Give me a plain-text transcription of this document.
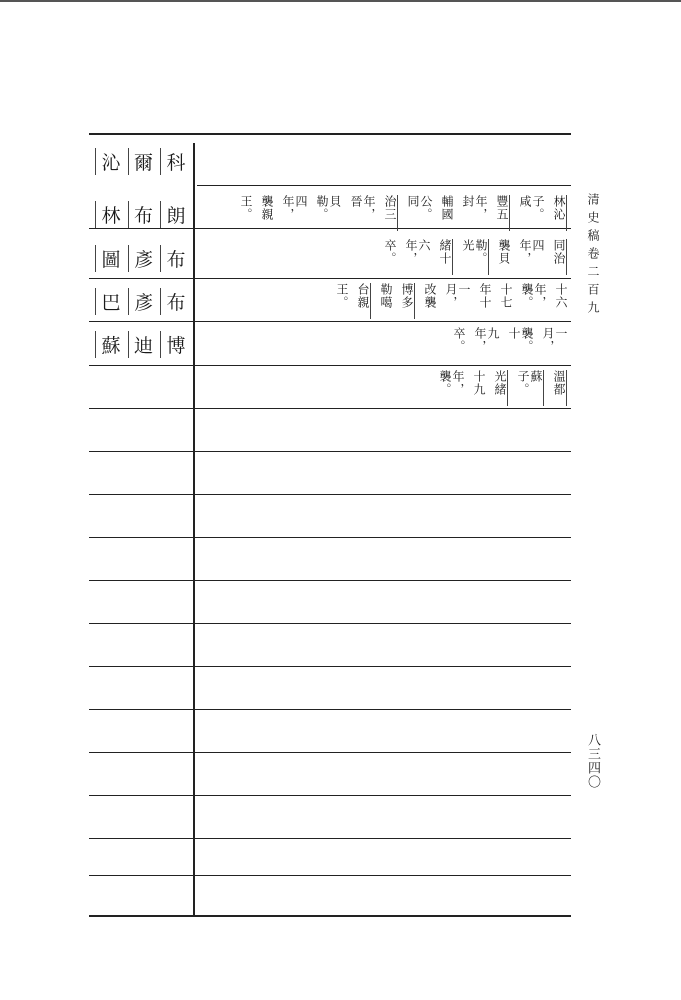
沁 爾 科
林 布 朗
圖 彥 布
巴 彥 布
蘇 迪 博
林沁
子。咸
豐五
年，封
輔國
公。同
治三
年，晉
貝勒。
四年，
襲親
王。
同治
四年，
襲貝
勒。光
緒十
六年，
卒。
十六
年，襲。
十七
年十
一月，
改襲
博多
勒噶
台親
王。
一月，
襲。十
九年，
卒。
溫都
蘇子。
光緒
十九
年，襲。
清史稿卷二百九
八三四〇
